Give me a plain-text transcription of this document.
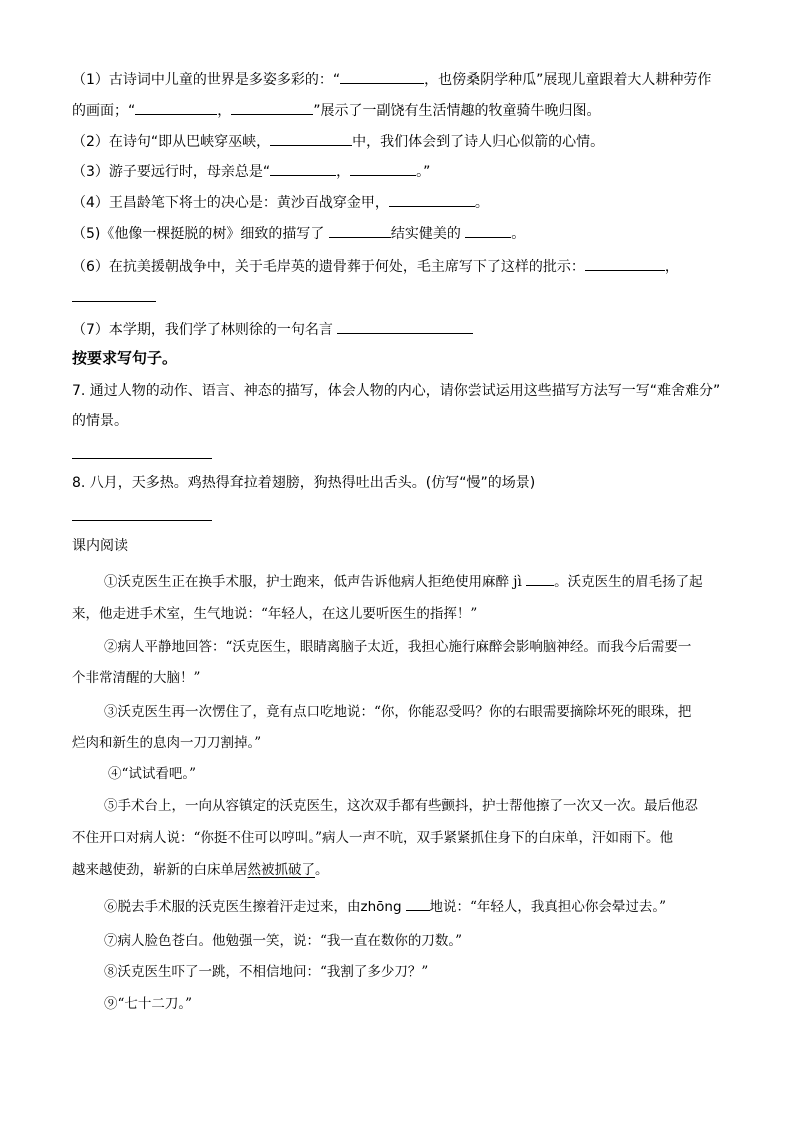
（1）古诗词中儿童的世界是多姿多彩的：“	，也傍桑阴学种瓜”展现儿童跟着大人耕种劳作
的画面；“	，	”展示了一副饶有生活情趣的牧童骑牛晚归图。
（2）在诗句“即从巴峡穿巫峡，	中，我们体会到了诗人归心似箭的心情。
（3）游子要远行时，母亲总是“	，	。”
（4）王昌龄笔下将士的决心是：黄沙百战穿金甲，	。
（5)《他像一棵挺脱的树》细致的描写了	结实健美的	。
（6）在抗美援朝战争中，关于毛岸英的遗骨葬于何处，毛主席写下了这样的批示：	，
（7）本学期，我们学了林则徐的一句名言
按要求写句子。
7. 通过人物的动作、语言、神态的描写，体会人物的内心，请你尝试运用这些描写方法写一写“难舍难分”
的情景。
8. 八月，天多热。鸡热得耷拉着翅膀，狗热得吐出舌头。(仿写“慢”的场景)
课内阅读
①沃克医生正在换手术服，护士跑来，低声告诉他病人拒绝使用麻醉 jì 。沃克医生的眉毛扬了起
来，他走进手术室，生气地说：“年轻人，在这儿要听医生的指挥！”
②病人平静地回答：“沃克医生，眼睛离脑子太近，我担心施行麻醉会影响脑神经。而我今后需要一
个非常清醒的大脑！”
③沃克医生再一次愣住了，竟有点口吃地说：“你，你能忍受吗？你的右眼需要摘除坏死的眼珠，把
烂肉和新生的息肉一刀刀割掉。”
④“试试看吧。”
⑤手术台上，一向从容镇定的沃克医生，这次双手都有些颤抖，护士帮他擦了一次又一次。最后他忍
不住开口对病人说：“你挺不住可以哼叫。”病人一声不吭，双手紧紧抓住身下的白床单，汗如雨下。他
越来越使劲，崭新的白床单居然被抓破了。
⑥脱去手术服的沃克医生擦着汗走过来，由zhōng 地说：“年轻人，我真担心你会晕过去。”
⑦病人脸色苍白。他勉强一笑，说：“我一直在数你的刀数。”
⑧沃克医生吓了一跳，不相信地问：“我割了多少刀？”
⑨“七十二刀。”
